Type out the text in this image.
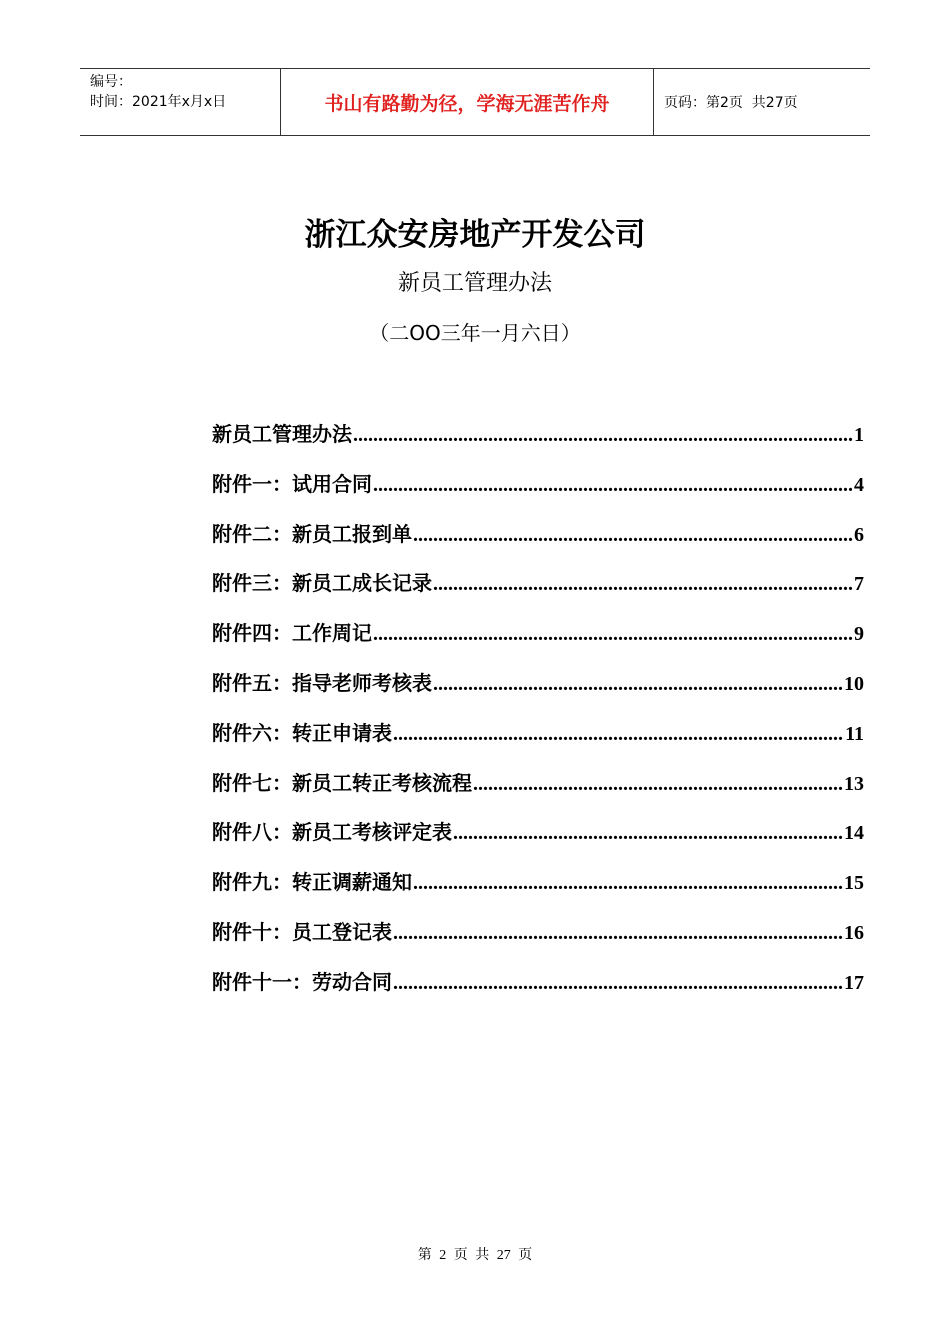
编号：
时间：2021年x月x日	书山有路勤为径，学海无涯苦作舟	页码：第2页  共27页
浙江众安房地产开发公司
新员工管理办法
（二OO三年一月六日）
新员工管理办法 .....	1
附件一：试用合同 .....	4
附件二：新员工报到单 .....	6
附件三：新员工成长记录 .....	7
附件四：工作周记 .....	9
附件五：指导老师考核表 .....	10
附件六：转正申请表 .....	11
附件七：新员工转正考核流程 .....	13
附件八：新员工考核评定表 .....	14
附件九：转正调薪通知 .....	15
附件十：员工登记表 .....	16
附件十一：劳动合同 .....	17
第 2 页 共 27 页
